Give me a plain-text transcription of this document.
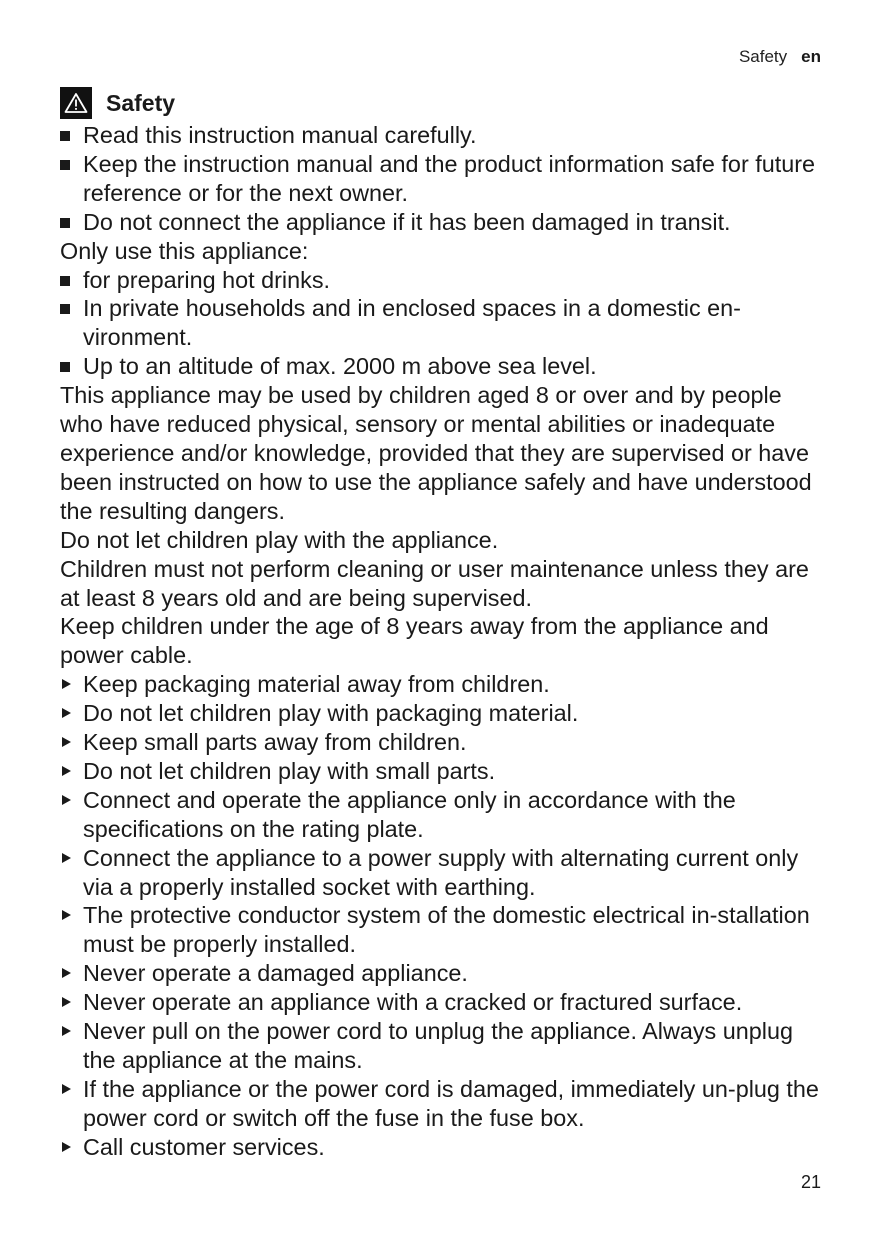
Safety en
Safety
Read this instruction manual carefully.
Keep the instruction manual and the product information safe for future reference or for the next owner.
Do not connect the appliance if it has been damaged in transit.
Only use this appliance:
for preparing hot drinks.
In private households and in enclosed spaces in a domestic en-vironment.
Up to an altitude of max. 2000 m above sea level.
This appliance may be used by children aged 8 or over and by people who have reduced physical, sensory or mental abilities or inadequate experience and/or knowledge, provided that they are supervised or have been instructed on how to use the appliance safely and have understood the resulting dangers.
Do not let children play with the appliance.
Children must not perform cleaning or user maintenance unless they are at least 8 years old and are being supervised.
Keep children under the age of 8 years away from the appliance and power cable.
Keep packaging material away from children.
Do not let children play with packaging material.
Keep small parts away from children.
Do not let children play with small parts.
Connect and operate the appliance only in accordance with the specifications on the rating plate.
Connect the appliance to a power supply with alternating current only via a properly installed socket with earthing.
The protective conductor system of the domestic electrical in-stallation must be properly installed.
Never operate a damaged appliance.
Never operate an appliance with a cracked or fractured surface.
Never pull on the power cord to unplug the appliance. Always unplug the appliance at the mains.
If the appliance or the power cord is damaged, immediately un-plug the power cord or switch off the fuse in the fuse box.
Call customer services.
21
